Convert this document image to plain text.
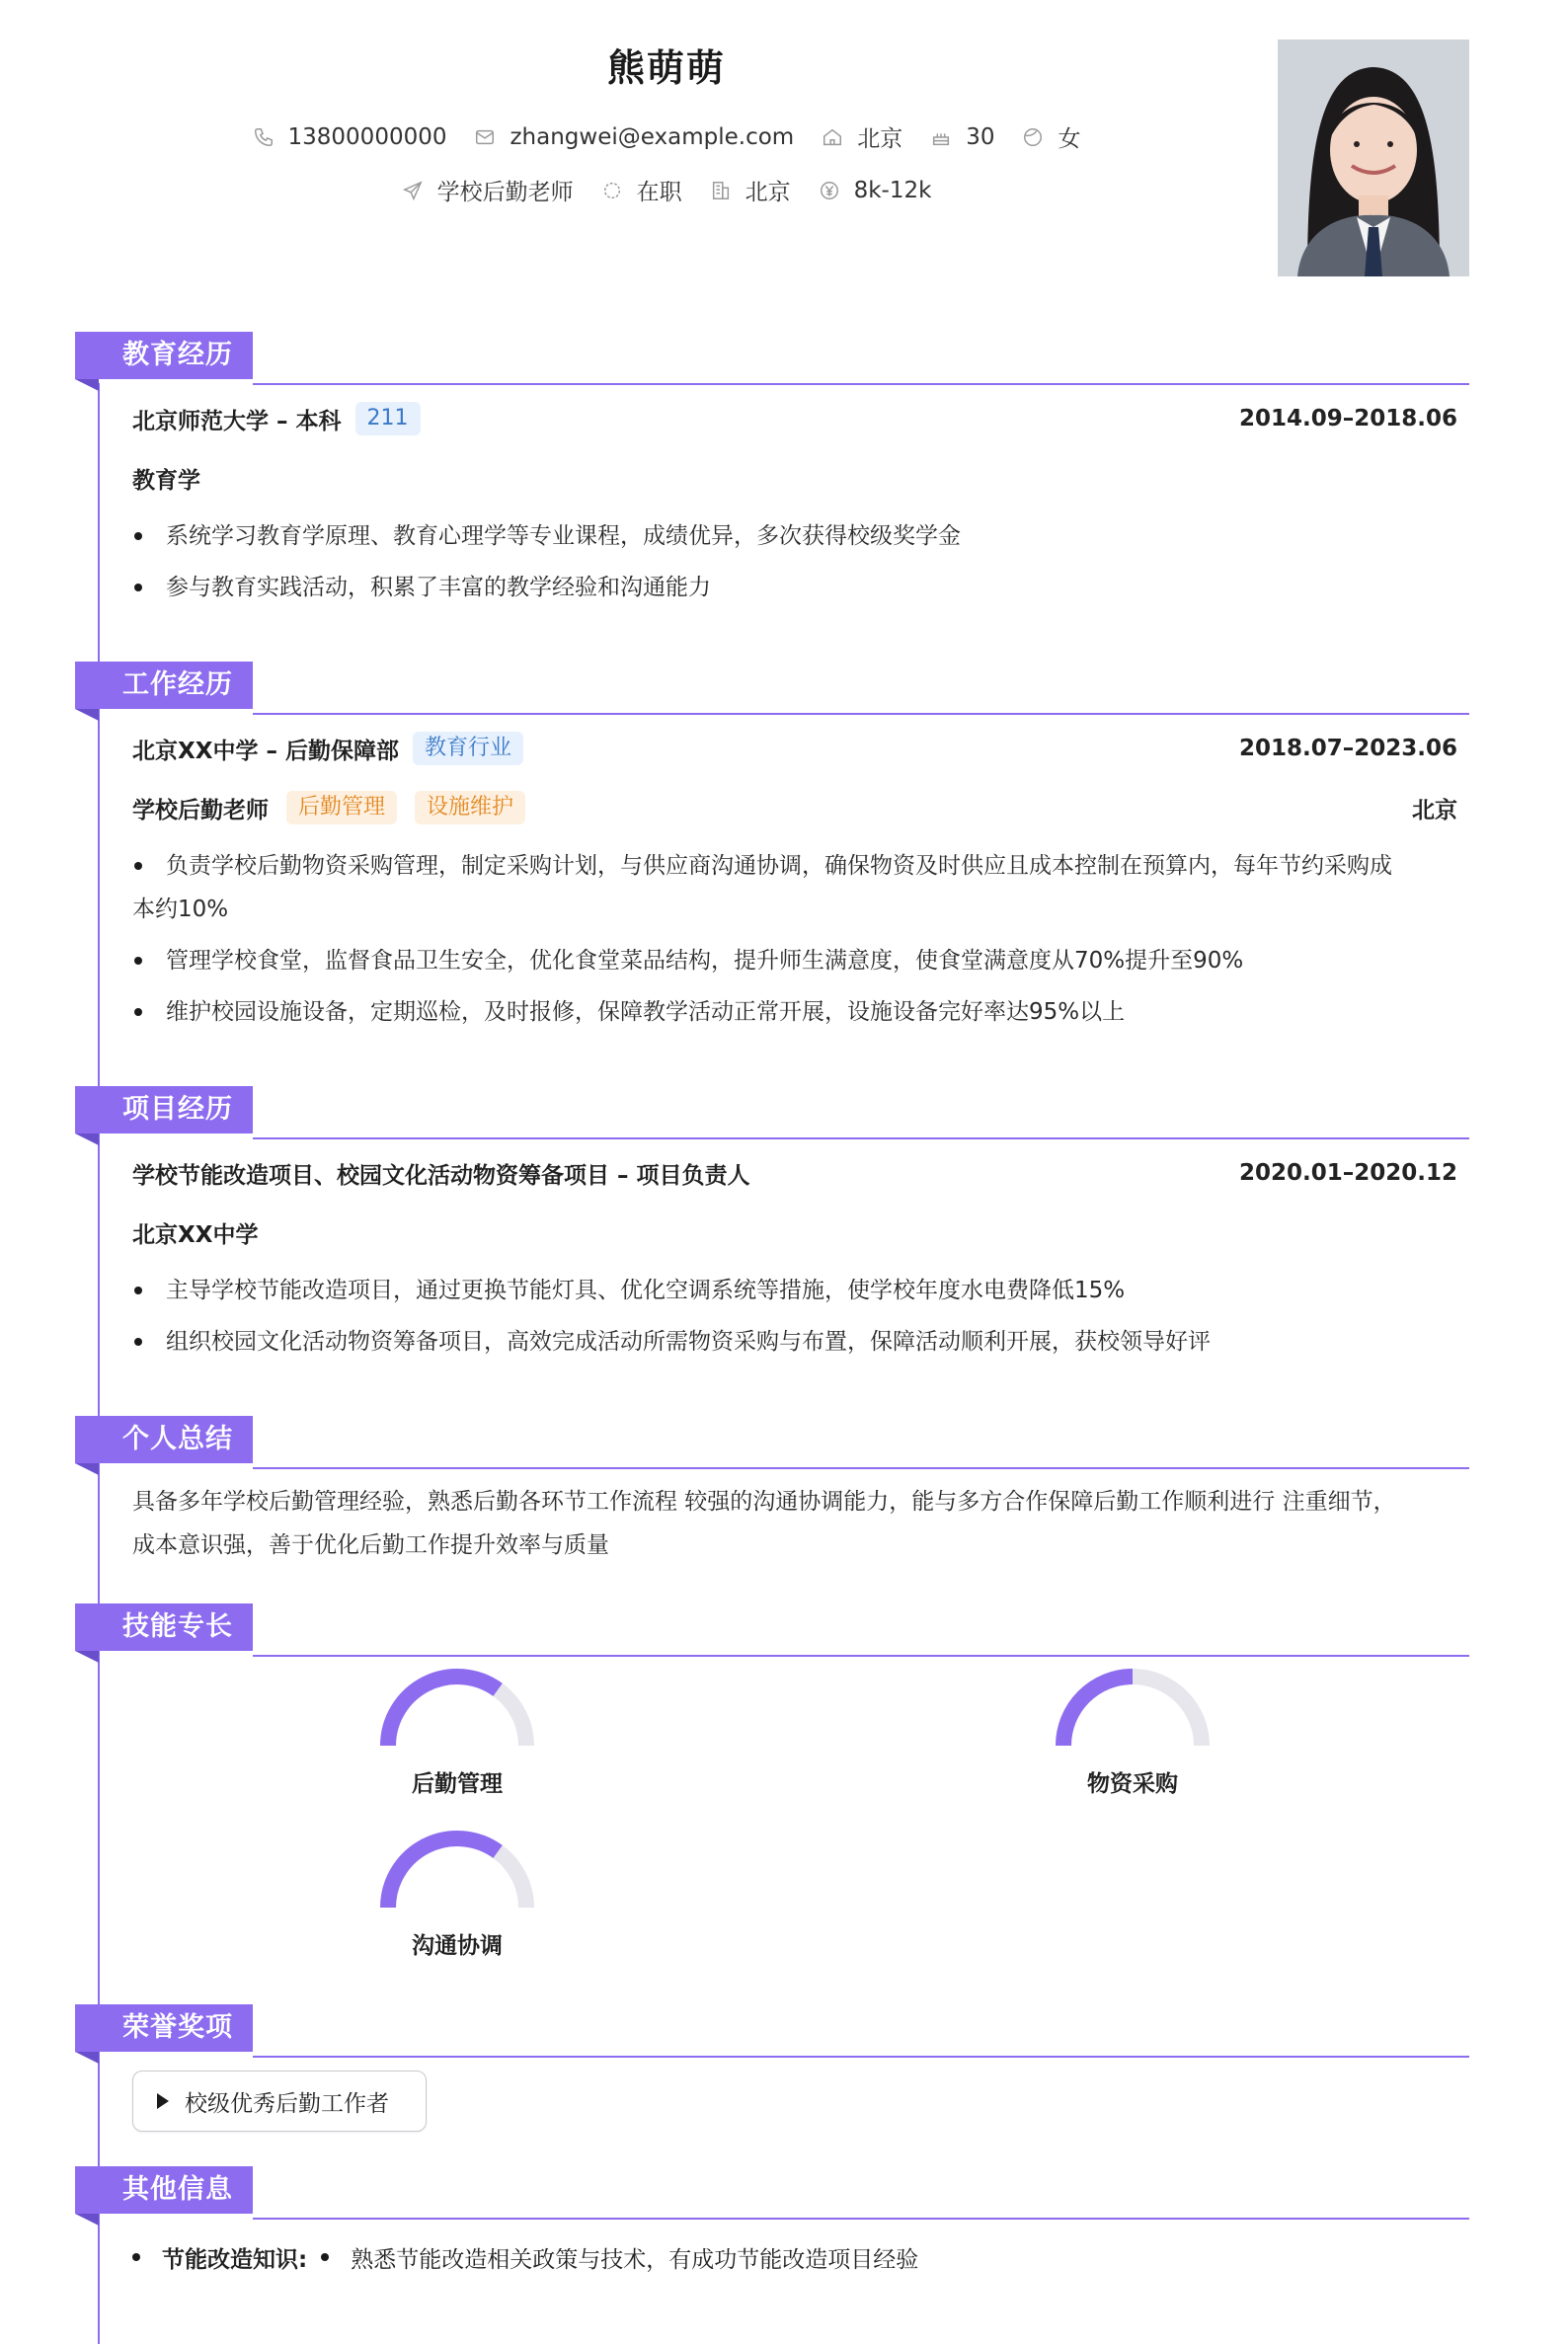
熊萌萌
13800000000	zhangwei@example.com	北京	30	女
学校后勤老师	在职	北京	8k-12k
教育经历
北京师范大学 – 本科	211	2014.09–2018.06
教育学
系统学习教育学原理、教育心理学等专业课程，成绩优异，多次获得校级奖学金
参与教育实践活动，积累了丰富的教学经验和沟通能力
工作经历
北京XX中学 – 后勤保障部	教育行业	2018.07–2023.06
学校后勤老师	后勤管理	设施维护	北京
负责学校后勤物资采购管理，制定采购计划，与供应商沟通协调，确保物资及时供应且成本控制在预算内，每年节约采购成
本约10%
管理学校食堂，监督食品卫生安全，优化食堂菜品结构，提升师生满意度，使食堂满意度从70%提升至90%
维护校园设施设备，定期巡检，及时报修，保障教学活动正常开展，设施设备完好率达95%以上
项目经历
学校节能改造项目、校园文化活动物资筹备项目 – 项目负责人	2020.01–2020.12
北京XX中学
主导学校节能改造项目，通过更换节能灯具、优化空调系统等措施，使学校年度水电费降低15%
组织校园文化活动物资筹备项目，高效完成活动所需物资采购与布置，保障活动顺利开展，获校领导好评
个人总结
具备多年学校后勤管理经验，熟悉后勤各环节工作流程 较强的沟通协调能力，能与多方合作保障后勤工作顺利进行 注重细节，
成本意识强，善于优化后勤工作提升效率与质量
技能专长
后勤管理	物资采购
沟通协调
荣誉奖项
校级优秀后勤工作者
其他信息
节能改造知识: 熟悉节能改造相关政策与技术，有成功节能改造项目经验
